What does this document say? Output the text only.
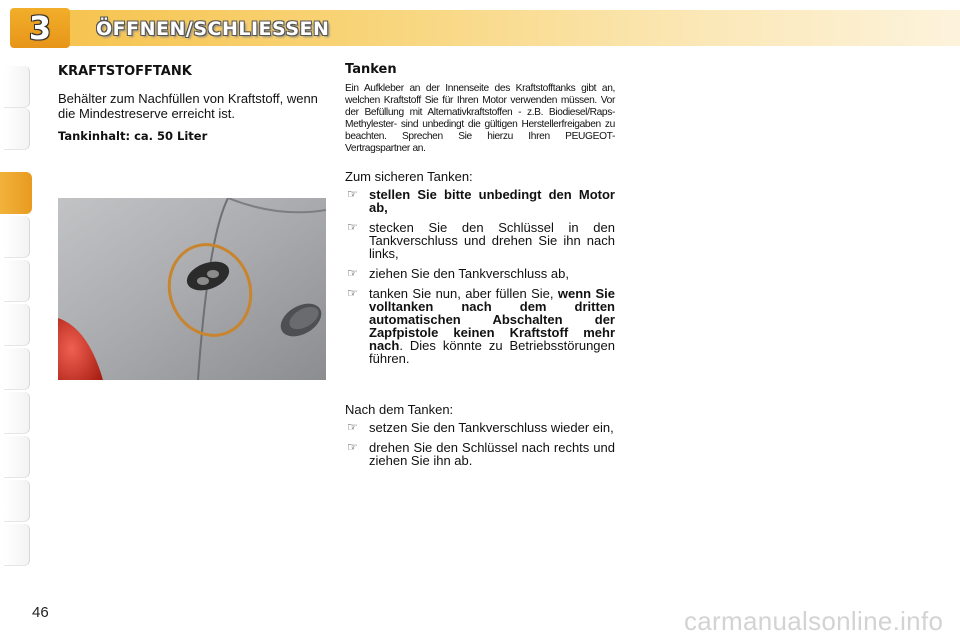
3 ÖFFNEN/SCHLIESSEN
KRAFTSTOFFTANK
Behälter zum Nachfüllen von Kraftstoff, wenn die Mindestreserve erreicht ist.
Tankinhalt: ca. 50 Liter
Tanken
Ein Aufkleber an der Innenseite des Kraftstofftanks gibt an, welchen Kraftstoff Sie für Ihren Motor verwenden müssen. Vor der Befüllung mit Alternativkraftstoffen - z.B. Biodiesel/Raps-Methylester- sind unbedingt die gültigen Herstellerfreigaben zu beachten. Sprechen Sie hierzu Ihren PEUGEOT-Vertragspartner an.
Zum sicheren Tanken:
☞ stellen Sie bitte unbedingt den Motor ab,
☞ stecken Sie den Schlüssel in den Tankverschluss und drehen Sie ihn nach links,
☞ ziehen Sie den Tankverschluss ab,
☞ tanken Sie nun, aber füllen Sie, wenn Sie volltanken nach dem dritten automatischen Abschalten der Zapfpistole keinen Kraftstoff mehr nach. Dies könnte zu Betriebsstörungen führen.
Nach dem Tanken:
☞ setzen Sie den Tankverschluss wieder ein,
☞ drehen Sie den Schlüssel nach rechts und ziehen Sie ihn ab.
46	carmanualsonline.info
